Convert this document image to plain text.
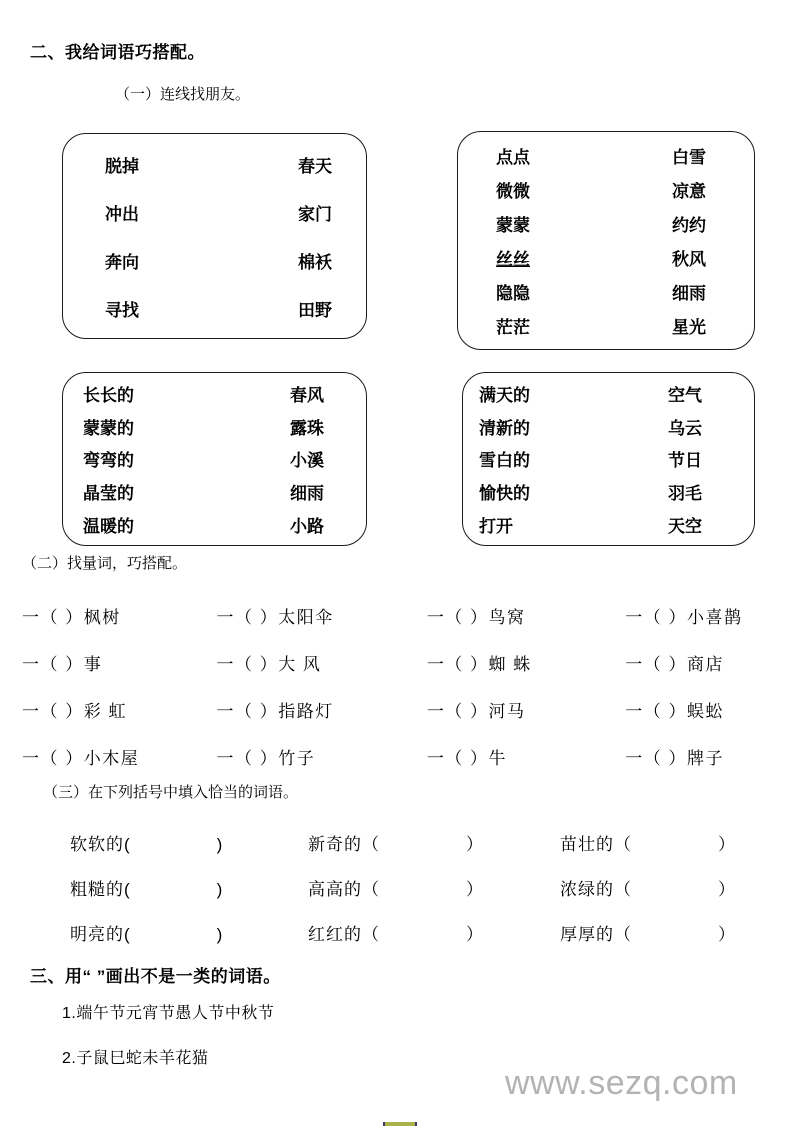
二、我给词语巧搭配。
（一）连线找朋友。
脱掉	春天
冲出	家门
奔向	棉袄
寻找	田野
点点	白雪
微微	凉意
蒙蒙	约约
丝丝	秋风
隐隐	细雨
茫茫	星光
长长的	春风
蒙蒙的	露珠
弯弯的	小溪
晶莹的	细雨
温暖的	小路
满天的	空气
清新的	乌云
雪白的	节日
愉快的	羽毛
打开	天空
（二）找量词，巧搭配。
一（ ）枫树	一（ ）太阳伞	一（ ）鸟窝	一（ ）小喜鹊
一（ ）事	一（ ）大 风	一（ ）蜘 蛛	一（ ）商店
一（ ）彩 虹	一（ ）指路灯	一（ ）河马	一（ ）蜈蚣
一（ ）小木屋	一（ ）竹子	一（ ）牛	一（ ）牌子
（三）在下列括号中填入恰当的词语。
软软的(	)	新奇的（	）	苗壮的（	）
粗糙的(	)	高高的（	）	浓绿的（	）
明亮的(	)	红红的（	）	厚厚的（	）
三、用“ ”画出不是一类的词语。
1.端午节元宵节愚人节中秋节
2.子鼠巳蛇未羊花猫
www.sezq.com
